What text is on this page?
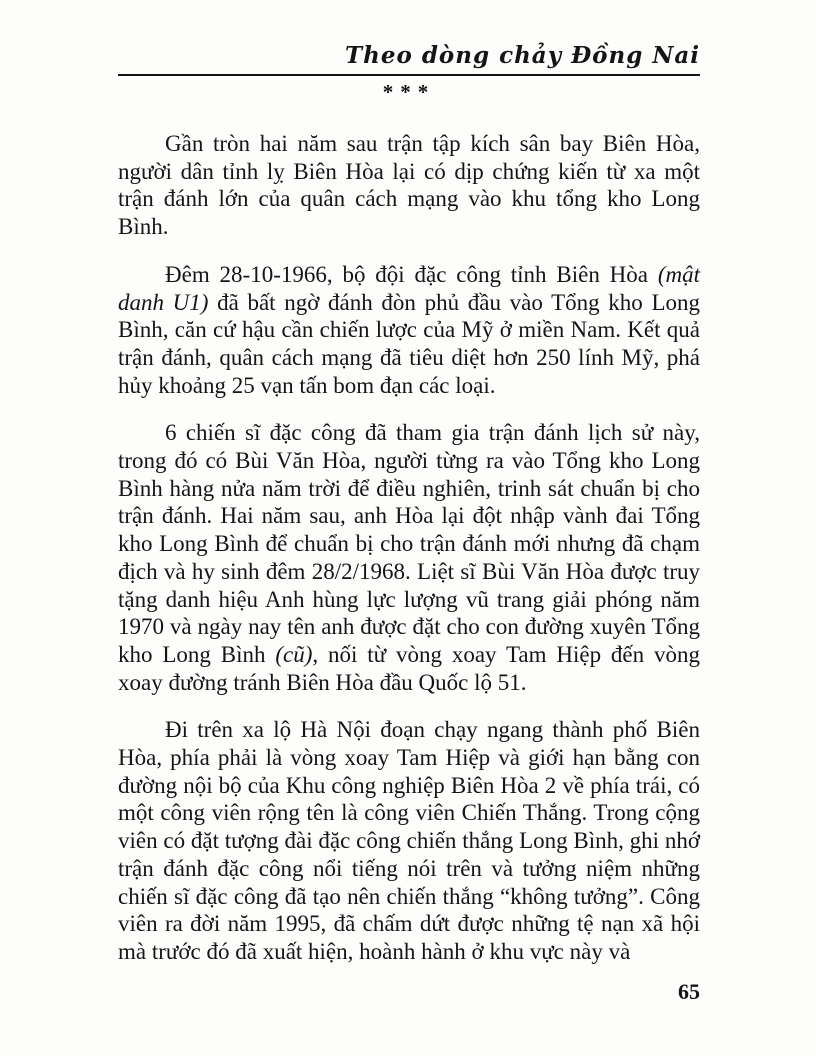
Theo dòng chảy Đồng Nai
***

Gần tròn hai năm sau trận tập kích sân bay Biên Hòa, người dân tỉnh lỵ Biên Hòa lại có dịp chứng kiến từ xa một trận đánh lớn của quân cách mạng vào khu tổng kho Long Bình.

Đêm 28-10-1966, bộ đội đặc công tỉnh Biên Hòa (mật danh U1) đã bất ngờ đánh đòn phủ đầu vào Tổng kho Long Bình, căn cứ hậu cần chiến lược của Mỹ ở miền Nam. Kết quả trận đánh, quân cách mạng đã tiêu diệt hơn 250 lính Mỹ, phá hủy khoảng 25 vạn tấn bom đạn các loại.

6 chiến sĩ đặc công đã tham gia trận đánh lịch sử này, trong đó có Bùi Văn Hòa, người từng ra vào Tổng kho Long Bình hàng nửa năm trời để điều nghiên, trinh sát chuẩn bị cho trận đánh. Hai năm sau, anh Hòa lại đột nhập vành đai Tổng kho Long Bình để chuẩn bị cho trận đánh mới nhưng đã chạm địch và hy sinh đêm 28/2/1968. Liệt sĩ Bùi Văn Hòa được truy tặng danh hiệu Anh hùng lực lượng vũ trang giải phóng năm 1970 và ngày nay tên anh được đặt cho con đường xuyên Tổng kho Long Bình (cũ), nối từ vòng xoay Tam Hiệp đến vòng xoay đường tránh Biên Hòa đầu Quốc lộ 51.

Đi trên xa lộ Hà Nội đoạn chạy ngang thành phố Biên Hòa, phía phải là vòng xoay Tam Hiệp và giới hạn bằng con đường nội bộ của Khu công nghiệp Biên Hòa 2 về phía trái, có một công viên rộng tên là công viên Chiến Thắng. Trong cộng viên có đặt tượng đài đặc công chiến thắng Long Bình, ghi nhớ trận đánh đặc công nổi tiếng nói trên và tưởng niệm những chiến sĩ đặc công đã tạo nên chiến thắng “không tưởng”. Công viên ra đời năm 1995, đã chấm dứt được những tệ nạn xã hội mà trước đó đã xuất hiện, hoành hành ở khu vực này và

65
